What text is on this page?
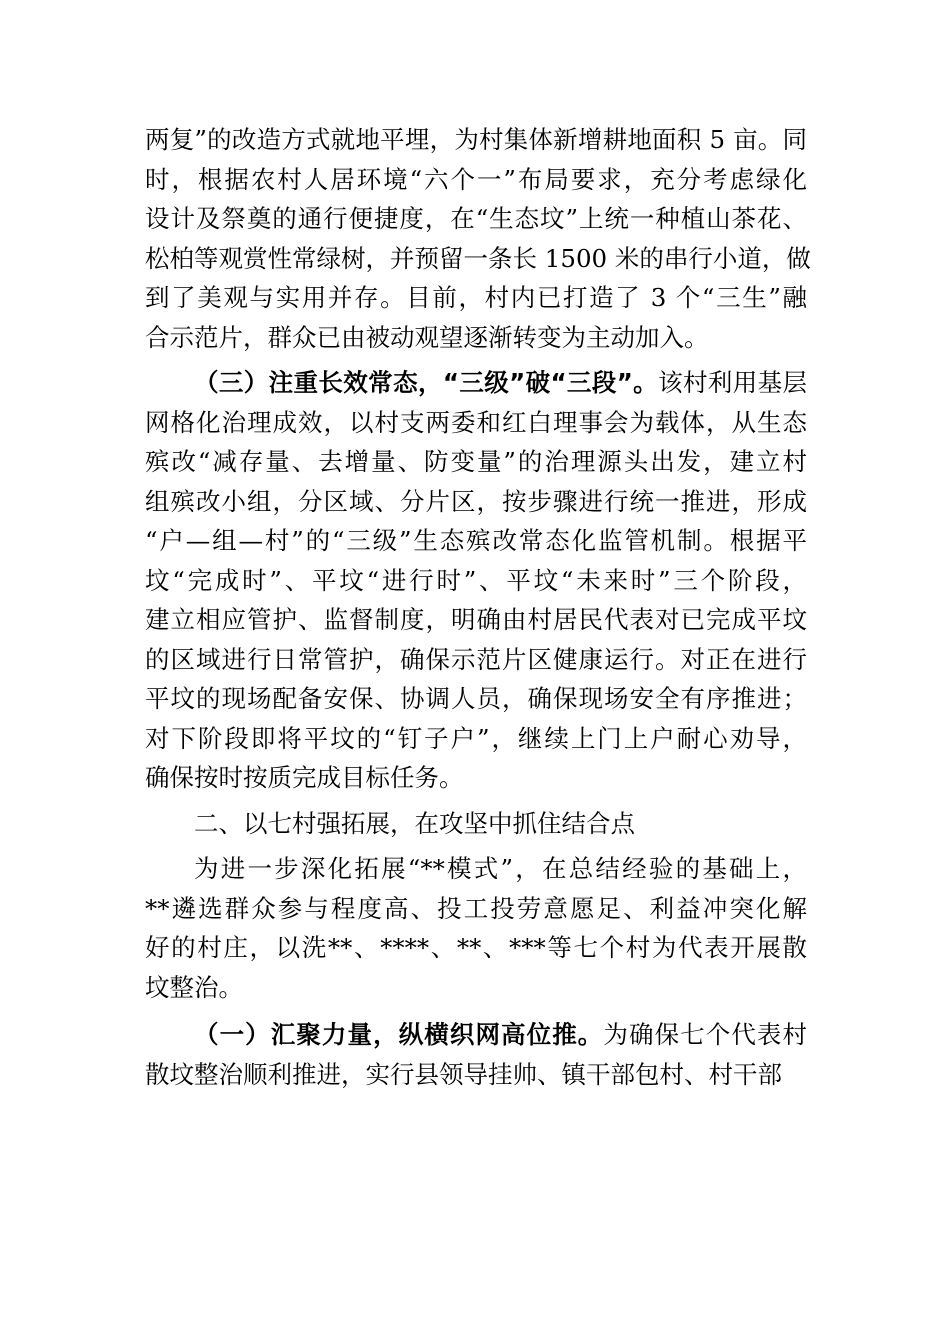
两复”的改造方式就地平埋，为村集体新增耕地面积 5 亩。同
时，根据农村人居环境“六个一”布局要求，充分考虑绿化
设计及祭奠的通行便捷度，在“生态坟”上统一种植山茶花、
松柏等观赏性常绿树，并预留一条长 1500 米的串行小道，做
到了美观与实用并存。目前，村内已打造了 3 个“三生”融
合示范片，群众已由被动观望逐渐转变为主动加入。

（三）注重长效常态，“三级”破“三段”。该村利用基层
网格化治理成效，以村支两委和红白理事会为载体，从生态
殡改“减存量、去增量、防变量”的治理源头出发，建立村
组殡改小组，分区域、分片区，按步骤进行统一推进，形成
“户—组—村”的“三级”生态殡改常态化监管机制。根据平
坟“完成时”、平坟“进行时”、平坟“未来时”三个阶段，
建立相应管护、监督制度，明确由村居民代表对已完成平坟
的区域进行日常管护，确保示范片区健康运行。对正在进行
平坟的现场配备安保、协调人员，确保现场安全有序推进；
对下阶段即将平坟的“钉子户”，继续上门上户耐心劝导，
确保按时按质完成目标任务。

二、以七村强拓展，在攻坚中抓住结合点

为进一步深化拓展“**模式”，在总结经验的基础上，
**遴选群众参与程度高、投工投劳意愿足、利益冲突化解
好的村庄，以洗**、****、**、***等七个村为代表开展散
坟整治。

（一）汇聚力量，纵横织网高位推。为确保七个代表村
散坟整治顺利推进，实行县领导挂帅、镇干部包村、村干部
